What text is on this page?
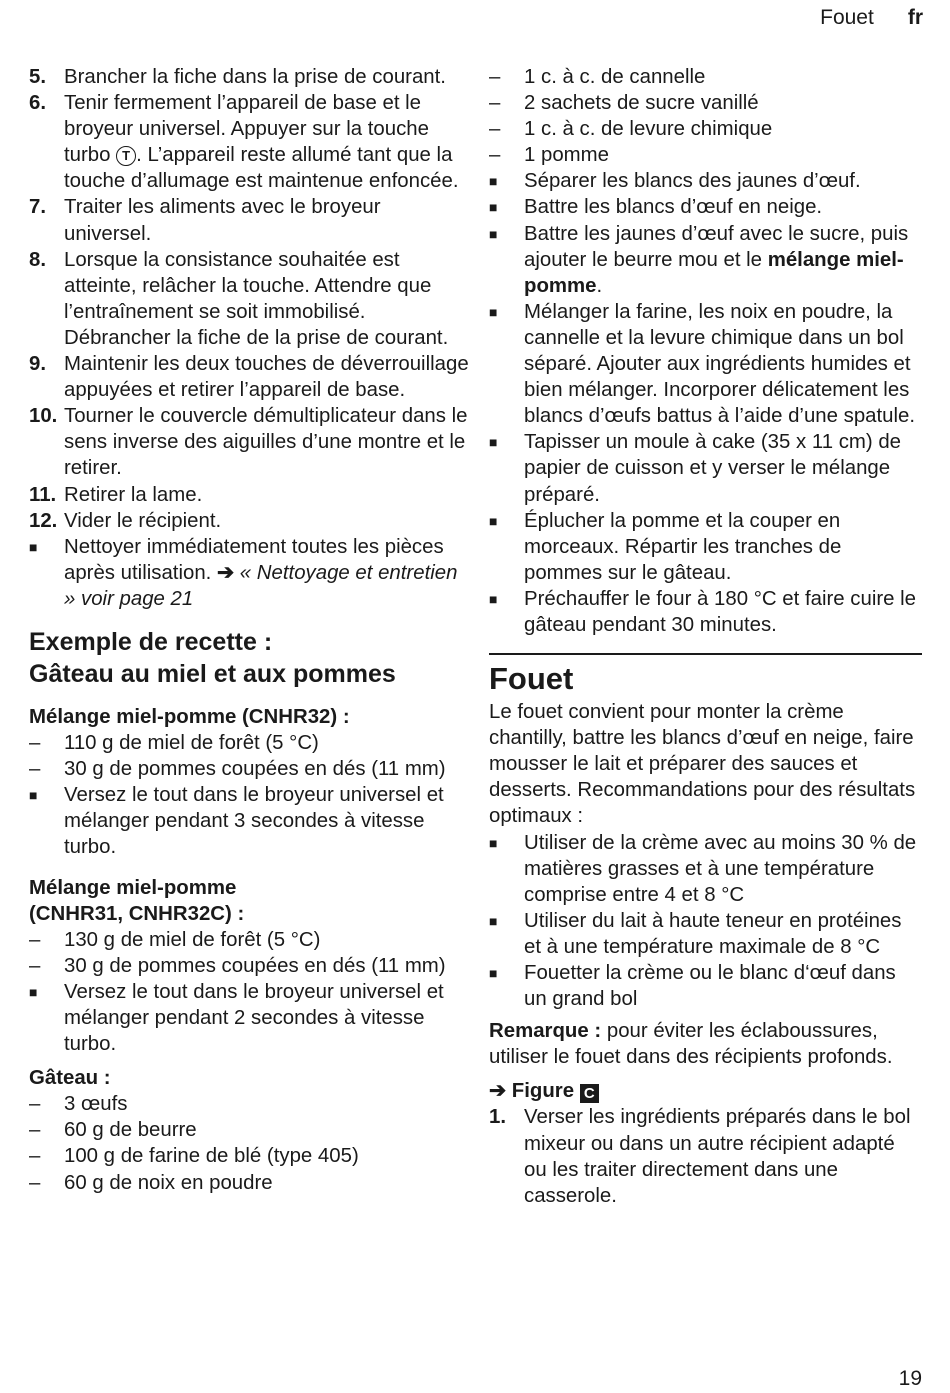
Fouet fr
5. Brancher la fiche dans la prise de courant.
6. Tenir fermement l’appareil de base et le broyeur universel. Appuyer sur la touche turbo T . L’appareil reste allumé tant que la touche d’allumage est maintenue enfoncée.
7. Traiter les aliments avec le broyeur universel.
8. Lorsque la consistance souhaitée est atteinte, relâcher la touche. Attendre que l’entraînement se soit immobilisé. Débrancher la fiche de la prise de courant.
9. Maintenir les deux touches de déverrouillage appuyées et retirer l’appareil de base.
10. Tourner le couvercle démultiplicateur dans le sens inverse des aiguilles d’une montre et le retirer.
11. Retirer la lame.
12. Vider le récipient.
■	Nettoyer immédiatement toutes les pièces après utilisation. ➔ « Nettoyage et entretien » voir page 21
Exemple de recette :
Gâteau au miel et aux pommes
Mélange miel-pomme (CNHR32) :
–	110 g de miel de forêt (5 °C)
–	30 g de pommes coupées en dés (11 mm)
■	Versez le tout dans le broyeur universel et mélanger pendant 3 secondes à vitesse turbo.
Mélange miel-pomme
(CNHR31, CNHR32C) :
–	130 g de miel de forêt (5 °C)
–	30 g de pommes coupées en dés (11 mm)
■	Versez le tout dans le broyeur universel et mélanger pendant 2 secondes à vitesse turbo.
Gâteau :
–	3 œufs
–	60 g de beurre
–	100 g de farine de blé (type 405)
–	60 g de noix en poudre
–	1 c. à c. de cannelle
–	2 sachets de sucre vanillé
–	1 c. à c. de levure chimique
–	1 pomme
■	Séparer les blancs des jaunes d’œuf.
■	Battre les blancs d’œuf en neige.
■	Battre les jaunes d’œuf avec le sucre, puis ajouter le beurre mou et le mélange miel-pomme.
■	Mélanger la farine, les noix en poudre, la cannelle et la levure chimique dans un bol séparé. Ajouter aux ingrédients humides et bien mélanger. Incorporer délicatement les blancs d’œufs battus à l’aide d’une spatule.
■	Tapisser un moule à cake (35 x 11 cm) de papier de cuisson et y verser le mélange préparé.
■	Éplucher la pomme et la couper en morceaux. Répartir les tranches de pommes sur le gâteau.
■	Préchauffer le four à 180 °C et faire cuire le gâteau pendant 30 minutes.
Fouet
Le fouet convient pour monter la crème chantilly, battre les blancs d’œuf en neige, faire mousser le lait et préparer des sauces et desserts. Recommandations pour des résultats optimaux :
■	Utiliser de la crème avec au moins 30 % de matières grasses et à une température comprise entre 4 et 8 °C
■	Utiliser du lait à haute teneur en protéines et à une température maximale de 8 °C
■	Fouetter la crème ou le blanc d‘œuf dans un grand bol
Remarque : pour éviter les éclaboussures, utiliser le fouet dans des récipients profonds.
➔ Figure C
1. Verser les ingrédients préparés dans le bol mixeur ou dans un autre récipient adapté ou les traiter directement dans une casserole.
19
